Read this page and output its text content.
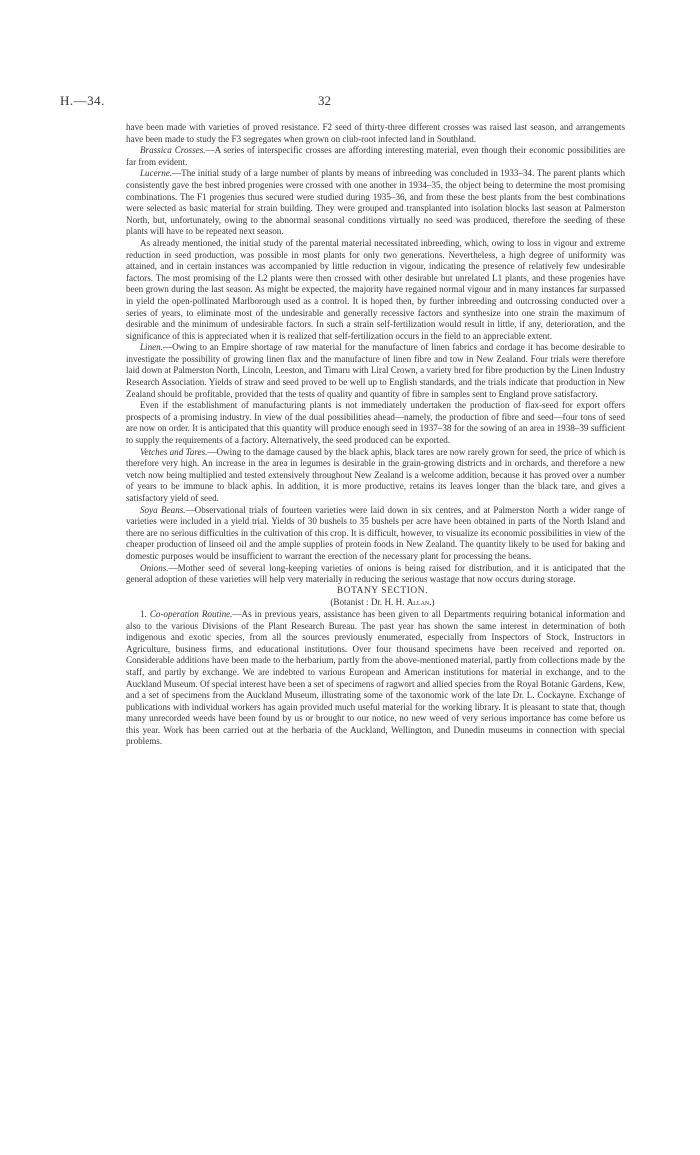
H.—34.	32

have been made with varieties of proved resistance. F2 seed of thirty-three different crosses was raised last season, and arrangements have been made to study the F3 segregates when grown on club-root infected land in Southland.

Brassica Crosses.—A series of interspecific crosses are affording interesting material, even though their economic possibilities are far from evident.

Lucerne.—The initial study of a large number of plants by means of inbreeding was concluded in 1933–34. The parent plants which consistently gave the best inbred progenies were crossed with one another in 1934–35, the object being to determine the most promising combinations. The F1 progenies thus secured were studied during 1935–36, and from these the best plants from the best combinations were selected as basic material for strain building. They were grouped and transplanted into isolation blocks last season at Palmerston North, but, unfortunately, owing to the abnormal seasonal conditions virtually no seed was produced, therefore the seeding of these plants will have to be repeated next season.

As already mentioned, the initial study of the parental material necessitated inbreeding, which, owing to loss in vigour and extreme reduction in seed production, was possible in most plants for only two generations. Nevertheless, a high degree of uniformity was attained, and in certain instances was accompanied by little reduction in vigour, indicating the presence of relatively few undesirable factors. The most promising of the L2 plants were then crossed with other desirable but unrelated L1 plants, and these progenies have been grown during the last season. As might be expected, the majority have regained normal vigour and in many instances far surpassed in yield the open-pollinated Marlborough used as a control. It is hoped then, by further inbreeding and outcrossing conducted over a series of years, to eliminate most of the undesirable and generally recessive factors and synthesize into one strain the maximum of desirable and the minimum of undesirable factors. In such a strain self-fertilization would result in little, if any, deterioration, and the significance of this is appreciated when it is realized that self-fertilization occurs in the field to an appreciable extent.

Linen.—Owing to an Empire shortage of raw material for the manufacture of linen fabrics and cordage it has become desirable to investigate the possibility of growing linen flax and the manufacture of linen fibre and tow in New Zealand. Four trials were therefore laid down at Palmerston North, Lincoln, Leeston, and Timaru with Liral Crown, a variety bred for fibre production by the Linen Industry Research Association. Yields of straw and seed proved to be well up to English standards, and the trials indicate that production in New Zealand should be profitable, provided that the tests of quality and quantity of fibre in samples sent to England prove satisfactory.

Even if the establishment of manufacturing plants is not immediately undertaken the production of flax-seed for export offers prospects of a promising industry. In view of the dual possibilities ahead—namely, the production of fibre and seed—four tons of seed are now on order. It is anticipated that this quantity will produce enough seed in 1937–38 for the sowing of an area in 1938–39 sufficient to supply the requirements of a factory. Alternatively, the seed produced can be exported.

Vetches and Tares.—Owing to the damage caused by the black aphis, black tares are now rarely grown for seed, the price of which is therefore very high. An increase in the area in legumes is desirable in the grain-growing districts and in orchards, and therefore a new vetch now being multiplied and tested extensively throughout New Zealand is a welcome addition, because it has proved over a number of years to be immune to black aphis. In addition, it is more productive, retains its leaves longer than the black tare, and gives a satisfactory yield of seed.

Soya Beans.—Observational trials of fourteen varieties were laid down in six centres, and at Palmerston North a wider range of varieties were included in a yield trial. Yields of 30 bushels to 35 bushels per acre have been obtained in parts of the North Island and there are no serious difficulties in the cultivation of this crop. It is difficult, however, to visualize its economic possibilities in view of the cheaper production of linseed oil and the ample supplies of protein foods in New Zealand. The quantity likely to be used for baking and domestic purposes would be insufficient to warrant the erection of the necessary plant for processing the beans.

Onions.—Mother seed of several long-keeping varieties of onions is being raised for distribution, and it is anticipated that the general adoption of these varieties will help very materially in reducing the serious wastage that now occurs during storage.

BOTANY SECTION.

(Botanist : Dr. H. H. Allan.)

1. Co-operation Routine.—As in previous years, assistance has been given to all Departments requiring botanical information and also to the various Divisions of the Plant Research Bureau. The past year has shown the same interest in determination of both indigenous and exotic species, from all the sources previously enumerated, especially from Inspectors of Stock, Instructors in Agriculture, business firms, and educational institutions. Over four thousand specimens have been received and reported on. Considerable additions have been made to the herbarium, partly from the above-mentioned material, partly from collections made by the staff, and partly by exchange. We are indebted to various European and American institutions for material in exchange, and to the Auckland Museum. Of special interest have been a set of specimens of ragwort and allied species from the Royal Botanic Gardens, Kew, and a set of specimens from the Auckland Museum, illustrating some of the taxonomic work of the late Dr. L. Cockayne. Exchange of publications with individual workers has again provided much useful material for the working library. It is pleasant to state that, though many unrecorded weeds have been found by us or brought to our notice, no new weed of very serious importance has come before us this year. Work has been carried out at the herbaria of the Auckland, Wellington, and Dunedin museums in connection with special problems.
